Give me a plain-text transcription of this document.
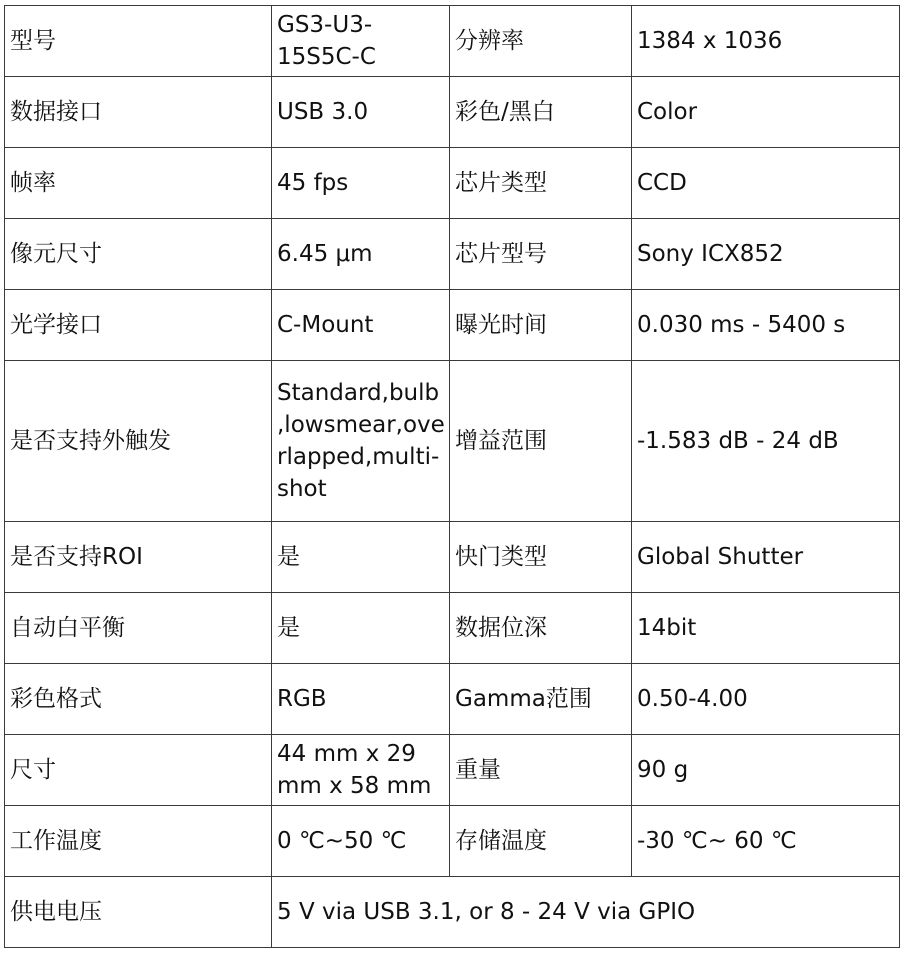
型号	GS3-U3-15S5C-C	分辨率	1384 x 1036
数据接口	USB 3.0	彩色/黑白	Color
帧率	45 fps	芯片类型	CCD
像元尺寸	6.45 μm	芯片型号	Sony ICX852
光学接口	C-Mount	曝光时间	0.030 ms - 5400 s
是否支持外触发	Standard,bulb,lowsmear,overlapped,multi-shot	增益范围	-1.583 dB - 24 dB
是否支持ROI	是	快门类型	Global Shutter
自动白平衡	是	数据位深	14bit
彩色格式	RGB	Gamma范围	0.50-4.00
尺寸	44 mm x 29 mm x 58 mm	重量	90 g
工作温度	0 ℃~50 ℃	存储温度	-30 ℃~ 60 ℃
供电电压	5 V via USB 3.1, or 8 - 24 V via GPIO		
